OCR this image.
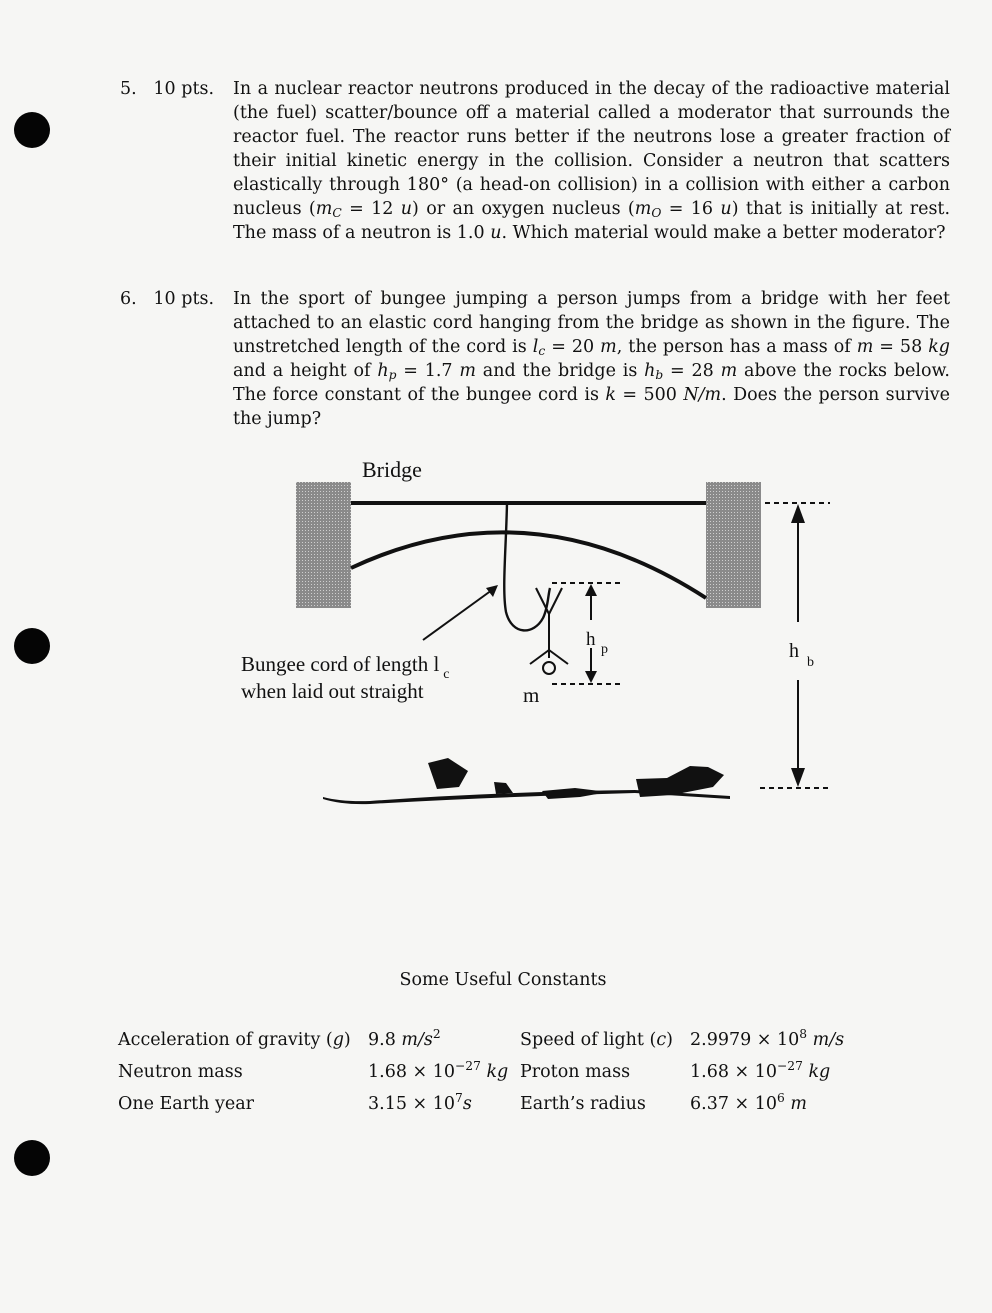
5. 10 pts.	In a nuclear reactor neutrons produced in the decay of the radioactive material (the fuel) scatter/bounce off a material called a moderator that surrounds the reactor fuel. The reactor runs better if the neutrons lose a greater fraction of their initial kinetic energy in the collision. Consider a neutron that scatters elastically through 180° (a head-on collision) in a collision with either a carbon nucleus ($m_C = 12$ u) or an oxygen nucleus ($m_O = 16$ u) that is initially at rest. The mass of a neutron is 1.0 u. Which material would make a better moderator?
6. 10 pts.	In the sport of bungee jumping a person jumps from a bridge with her feet attached to an elastic cord hanging from the bridge as shown in the figure. The unstretched length of the cord is $l_c = 20$ m, the person has a mass of m = 58 kg and a height of $h_p = 1.7$ m and the bridge is $h_b = 28$ m above the rocks below. The force constant of the bungee cord is k = 500 N/m. Does the person survive the jump?
Bridge
h p	h
b
Bungee cord of length l $_c$
when laid out straight	m
Some Useful Constants
Acceleration of gravity (g)	9.8 $m/s^2$	Speed of light (c)	$2.9979 \times 10^8$ m/s
Neutron mass	$1.68 \times 10^{-27}$ kg	Proton mass	$1.68 \times 10^{-27}$ kg
One Earth year	$3.15 \times 10^7s$	Earth’s radius	$6.37 \times 10^6$ m
